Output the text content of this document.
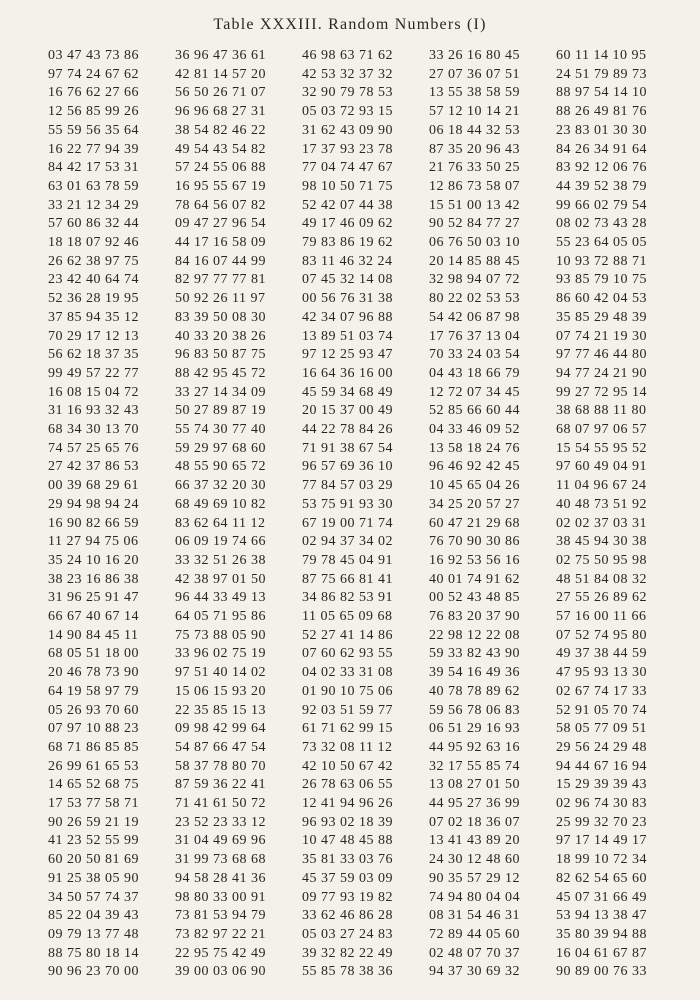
Table XXXIII. Random Numbers (I)
03 47 43 73 86
97 74 24 67 62
16 76 62 27 66
12 56 85 99 26
55 59 56 35 64
36 96 47 36 61
42 81 14 57 20
56 50 26 71 07
96 96 68 27 31
38 54 82 46 22
46 98 63 71 62
42 53 32 37 32
32 90 79 78 53
05 03 72 93 15
31 62 43 09 90
33 26 16 80 45
27 07 36 07 51
13 55 38 58 59
57 12 10 14 21
06 18 44 32 53
60 11 14 10 95
24 51 79 89 73
88 97 54 14 10
88 26 49 81 76
23 83 01 30 30
16 22 77 94 39
84 42 17 53 31
63 01 63 78 59
33 21 12 34 29
57 60 86 32 44
49 54 43 54 82
57 24 55 06 88
16 95 55 67 19
78 64 56 07 82
09 47 27 96 54
17 37 93 23 78
77 04 74 47 67
98 10 50 71 75
52 42 07 44 38
49 17 46 09 62
87 35 20 96 43
21 76 33 50 25
12 86 73 58 07
15 51 00 13 42
90 52 84 77 27
84 26 34 91 64
83 92 12 06 76
44 39 52 38 79
99 66 02 79 54
08 02 73 43 28
18 18 07 92 46
26 62 38 97 75
23 42 40 64 74
52 36 28 19 95
37 85 94 35 12
44 17 16 58 09
84 16 07 44 99
82 97 77 77 81
50 92 26 11 97
83 39 50 08 30
79 83 86 19 62
83 11 46 32 24
07 45 32 14 08
00 56 76 31 38
42 34 07 96 88
06 76 50 03 10
20 14 85 88 45
32 98 94 07 72
80 22 02 53 53
54 42 06 87 98
55 23 64 05 05
10 93 72 88 71
93 85 79 10 75
86 60 42 04 53
35 85 29 48 39
70 29 17 12 13
56 62 18 37 35
99 49 57 22 77
16 08 15 04 72
31 16 93 32 43
40 33 20 38 26
96 83 50 87 75
88 42 95 45 72
33 27 14 34 09
50 27 89 87 19
13 89 51 03 74
97 12 25 93 47
16 64 36 16 00
45 59 34 68 49
20 15 37 00 49
17 76 37 13 04
70 33 24 03 54
04 43 18 66 79
12 72 07 34 45
52 85 66 60 44
07 74 21 19 30
97 77 46 44 80
94 77 24 21 90
99 27 72 95 14
38 68 88 11 80
68 34 30 13 70
74 57 25 65 76
27 42 37 86 53
00 39 68 29 61
29 94 98 94 24
55 74 30 77 40
59 29 97 68 60
48 55 90 65 72
66 37 32 20 30
68 49 69 10 82
44 22 78 84 26
71 91 38 67 54
96 57 69 36 10
77 84 57 03 29
53 75 91 93 30
04 33 46 09 52
13 58 18 24 76
96 46 92 42 45
10 45 65 04 26
34 25 20 57 27
68 07 97 06 57
15 54 55 95 52
97 60 49 04 91
11 04 96 67 24
40 48 73 51 92
16 90 82 66 59
11 27 94 75 06
35 24 10 16 20
38 23 16 86 38
31 96 25 91 47
83 62 64 11 12
06 09 19 74 66
33 32 51 26 38
42 38 97 01 50
96 44 33 49 13
67 19 00 71 74
02 94 37 34 02
79 78 45 04 91
87 75 66 81 41
34 86 82 53 91
60 47 21 29 68
76 70 90 30 86
16 92 53 56 16
40 01 74 91 62
00 52 43 48 85
02 02 37 03 31
38 45 94 30 38
02 75 50 95 98
48 51 84 08 32
27 55 26 89 62
66 67 40 67 14
14 90 84 45 11
68 05 51 18 00
20 46 78 73 90
64 19 58 97 79
64 05 71 95 86
75 73 88 05 90
33 96 02 75 19
97 51 40 14 02
15 06 15 93 20
11 05 65 09 68
52 27 41 14 86
07 60 62 93 55
04 02 33 31 08
01 90 10 75 06
76 83 20 37 90
22 98 12 22 08
59 33 82 43 90
39 54 16 49 36
40 78 78 89 62
57 16 00 11 66
07 52 74 95 80
49 37 38 44 59
47 95 93 13 30
02 67 74 17 33
05 26 93 70 60
07 97 10 88 23
68 71 86 85 85
26 99 61 65 53
14 65 52 68 75
22 35 85 15 13
09 98 42 99 64
54 87 66 47 54
58 37 78 80 70
87 59 36 22 41
92 03 51 59 77
61 71 62 99 15
73 32 08 11 12
42 10 50 67 42
26 78 63 06 55
59 56 78 06 83
06 51 29 16 93
44 95 92 63 16
32 17 55 85 74
13 08 27 01 50
52 91 05 70 74
58 05 77 09 51
29 56 24 29 48
94 44 67 16 94
15 29 39 39 43
17 53 77 58 71
90 26 59 21 19
41 23 52 55 99
60 20 50 81 69
91 25 38 05 90
71 41 61 50 72
23 52 23 33 12
31 04 49 69 96
31 99 73 68 68
94 58 28 41 36
12 41 94 96 26
96 93 02 18 39
10 47 48 45 88
35 81 33 03 76
45 37 59 03 09
44 95 27 36 99
07 02 18 36 07
13 41 43 89 20
24 30 12 48 60
90 35 57 29 12
02 96 74 30 83
25 99 32 70 23
97 17 14 49 17
18 99 10 72 34
82 62 54 65 60
34 50 57 74 37
85 22 04 39 43
09 79 13 77 48
88 75 80 18 14
90 96 23 70 00
98 80 33 00 91
73 81 53 94 79
73 82 97 22 21
22 95 75 42 49
39 00 03 06 90
09 77 93 19 82
33 62 46 86 28
05 03 27 24 83
39 32 82 22 49
55 85 78 38 36
74 94 80 04 04
08 31 54 46 31
72 89 44 05 60
02 48 07 70 37
94 37 30 69 32
45 07 31 66 49
53 94 13 38 47
35 80 39 94 88
16 04 61 67 87
90 89 00 76 33
